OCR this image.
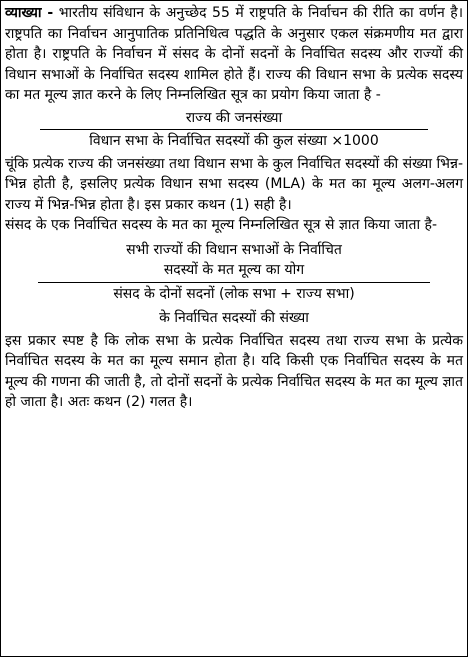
व्याख्या - भारतीय संविधान के अनुच्छेद 55 में राष्ट्रपति के निर्वाचन की रीति का वर्णन है। राष्ट्रपति का निर्वाचन आनुपातिक प्रतिनिधित्व पद्धति के अनुसार एकल संक्रमणीय मत द्वारा होता है। राष्ट्रपति के निर्वाचन में संसद के दोनों सदनों के निर्वाचित सदस्य और राज्यों की विधान सभाओं के निर्वाचित सदस्य शामिल होते हैं। राज्य की विधान सभा के प्रत्येक सदस्य का मत मूल्य ज्ञात करने के लिए निम्नलिखित सूत्र का प्रयोग किया जाता है -

राज्य की जनसंख्या
विधान सभा के निर्वाचित सदस्यों की कुल संख्या ×1000

चूंकि प्रत्येक राज्य की जनसंख्या तथा विधान सभा के कुल निर्वाचित सदस्यों की संख्या भिन्न-भिन्न होती है, इसलिए प्रत्येक विधान सभा सदस्य (MLA) के मत का मूल्य अलग-अलग राज्य में भिन्न-भिन्न होता है। इस प्रकार कथन (1) सही है।

संसद के एक निर्वाचित सदस्य के मत का मूल्य निम्नलिखित सूत्र से ज्ञात किया जाता है-

सभी राज्यों की विधान सभाओं के निर्वाचित
सदस्यों के मत मूल्य का योग
संसद के दोनों सदनों (लोक सभा + राज्य सभा)
के निर्वाचित सदस्यों की संख्या

इस प्रकार स्पष्ट है कि लोक सभा के प्रत्येक निर्वाचित सदस्य तथा राज्य सभा के प्रत्येक निर्वाचित सदस्य के मत का मूल्य समान होता है। यदि किसी एक निर्वाचित सदस्य के मत मूल्य की गणना की जाती है, तो दोनों सदनों के प्रत्येक निर्वाचित सदस्य के मत का मूल्य ज्ञात हो जाता है। अतः कथन (2) गलत है।
